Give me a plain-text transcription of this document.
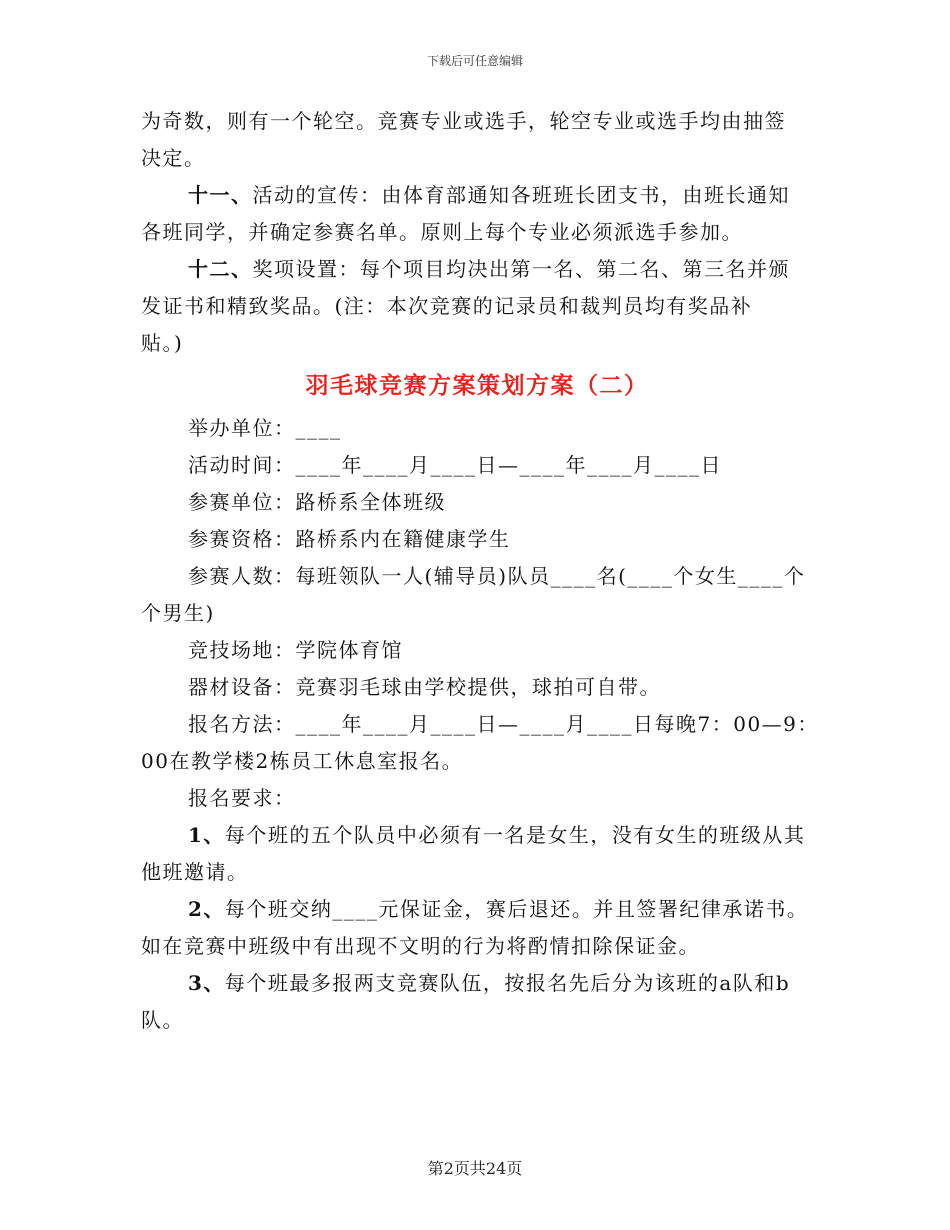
下载后可任意编辑

为奇数，则有一个轮空。竞赛专业或选手，轮空专业或选手均由抽签

决定。

十一、活动的宣传：由体育部通知各班班长团支书，由班长通知

各班同学，并确定参赛名单。原则上每个专业必须派选手参加。

十二、奖项设置：每个项目均决出第一名、第二名、第三名并颁

发证书和精致奖品。(注：本次竞赛的记录员和裁判员均有奖品补

贴。)

羽毛球竞赛方案策划方案（二）

举办单位：____

活动时间：____年____月____日—____年____月____日

参赛单位：路桥系全体班级

参赛资格：路桥系内在籍健康学生

参赛人数：每班领队一人(辅导员)队员____名(____个女生____个

个男生)

竞技场地：学院体育馆

器材设备：竞赛羽毛球由学校提供，球拍可自带。

报名方法：____年____月____日—____月____日每晚7：00—9：

00在教学楼2栋员工休息室报名。

报名要求：

1、每个班的五个队员中必须有一名是女生，没有女生的班级从其

他班邀请。

2、每个班交纳____元保证金，赛后退还。并且签署纪律承诺书。

如在竞赛中班级中有出现不文明的行为将酌情扣除保证金。

3、每个班最多报两支竞赛队伍，按报名先后分为该班的a队和b

队。

第2页共24页
